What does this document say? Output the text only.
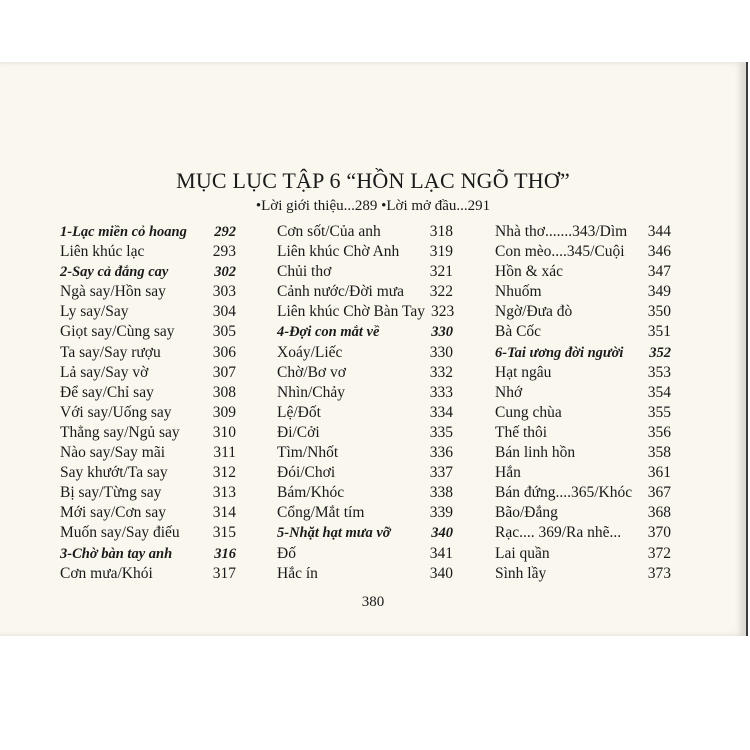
MỤC LỤC TẬP 6 “HỒN LẠC NGÕ THƠ”
•Lời giới thiệu...289 •Lời mở đầu...291
1-Lạc miền cỏ hoang	292
Liên khúc lạc	293
2-Say cả đắng cay	302
Ngà say/Hồn say	303
Ly say/Say	304
Giọt say/Cùng say	305
Ta say/Say rượu	306
Lả say/Say vờ	307
Để say/Chỉ say	308
Với say/Uống say	309
Thẳng say/Ngủ say	310
Nào say/Say mãi	311
Say khướt/Ta say	312
Bị say/Từng say	313
Mới say/Cơn say	314
Muốn say/Say điếu	315
3-Chờ bàn tay anh	316
Cơn mưa/Khói	317
Cơn sốt/Của anh	318
Liên khúc Chờ Anh	319
Chủi thơ	321
Cảnh nước/Đời mưa	322
Liên khúc Chờ Bàn Tay 323
4-Đợi con mắt về	330
Xoáy/Liếc	330
Chờ/Bơ vơ	332
Nhìn/Chảy	333
Lệ/Đốt	334
Đi/Cởi	335
Tìm/Nhốt	336
Đói/Chơi	337
Bám/Khóc	338
Cổng/Mắt tím	339
5-Nhặt hạt mưa vỡ	340
Đố	341
Hắc ín	340
Nhà thơ.......343/Dìm	344
Con mèo....345/Cuội	346
Hồn & xác	347
Nhuốm	349
Ngờ/Đưa đò	350
Bà Cốc	351
6-Tai ương đời người	352
Hạt ngâu	353
Nhớ	354
Cung chùa	355
Thế thôi	356
Bán linh hồn	358
Hắn	361
Bán đứng....365/Khóc	367
Bão/Đắng	368
Rạc.... 369/Ra nhẽ...	370
Lai quần	372
Sình lầy	373
380
